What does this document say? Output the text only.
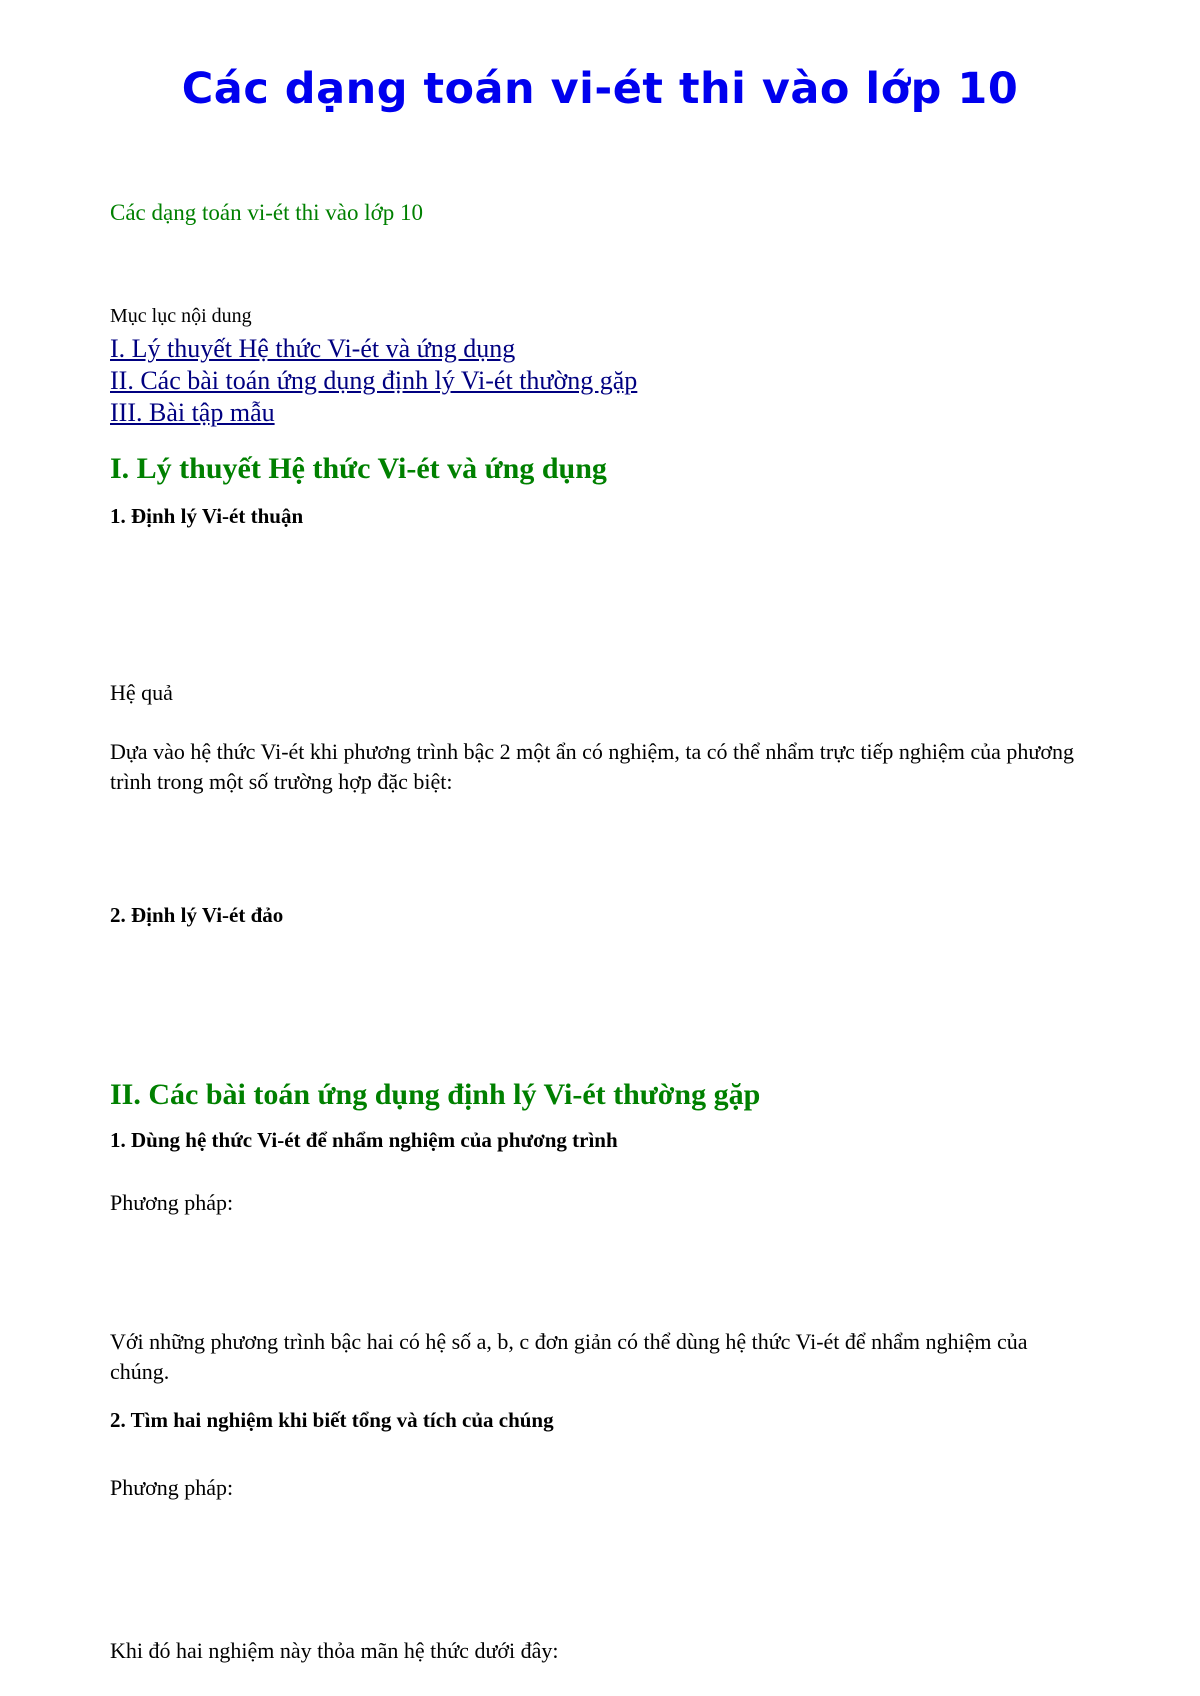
Các dạng toán vi-ét thi vào lớp 10
Các dạng toán vi-ét thi vào lớp 10
Mục lục nội dung
I. Lý thuyết Hệ thức Vi-ét và ứng dụng
II. Các bài toán ứng dụng định lý Vi-ét thường gặp
III. Bài tập mẫu
I. Lý thuyết Hệ thức Vi-ét và ứng dụng
1. Định lý Vi-ét thuận
Hệ quả

Dựa vào hệ thức Vi-ét khi phương trình bậc 2 một ẩn có nghiệm, ta có thể nhẩm trực tiếp nghiệm của phương trình trong một số trường hợp đặc biệt:

2. Định lý Vi-ét đảo
II. Các bài toán ứng dụng định lý Vi-ét thường gặp
1. Dùng hệ thức Vi-ét để nhẩm nghiệm của phương trình
Phương pháp:

Với những phương trình bậc hai có hệ số a, b, c đơn giản có thể dùng hệ thức Vi-ét để nhẩm nghiệm của chúng.

2. Tìm hai nghiệm khi biết tổng và tích của chúng
Phương pháp:
Khi đó hai nghiệm này thỏa mãn hệ thức dưới đây:
